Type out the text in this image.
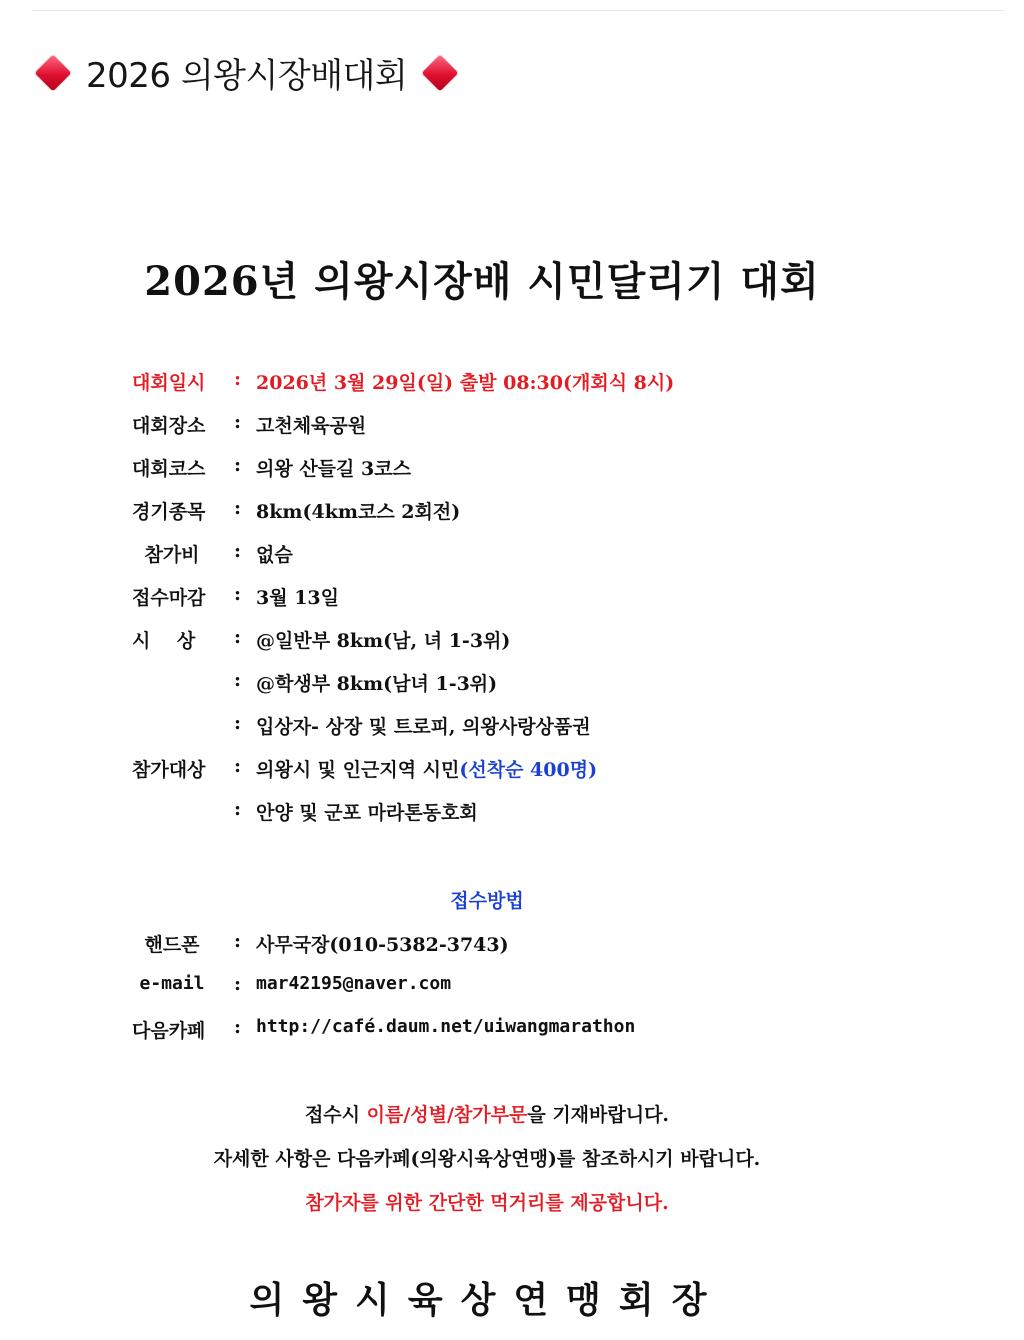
2026 의왕시장배대회
2026년 의왕시장배 시민달리기 대회
대회일시	: 2026년 3월 29일(일) 출발 08:30(개회식 8시)
대회장소	: 고천체육공원
대회코스	: 의왕 산들길 3코스
경기종목	: 8km(4km코스 2회전)
참가비	: 없슴
접수마감	: 3월 13일
시    상	: @일반부 8km(남, 녀 1-3위)
: @학생부 8km(남녀 1-3위)
: 입상자- 상장 및 트로피, 의왕사랑상품권
참가대상	: 의왕시 및 인근지역 시민(선착순 400명)
: 안양 및 군포 마라톤동호회
접수방법
핸드폰	: 사무국장(010-5382-3743)
e-mail	: mar42195@naver.com
다음카페	: http://café.daum.net/uiwangmarathon
접수시 이름/성별/참가부문을 기재바랍니다.
자세한 사항은 다음카페(의왕시육상연맹)를 참조하시기 바랍니다.
참가자를 위한 간단한 먹거리를 제공합니다.
의왕시육상연맹회장
